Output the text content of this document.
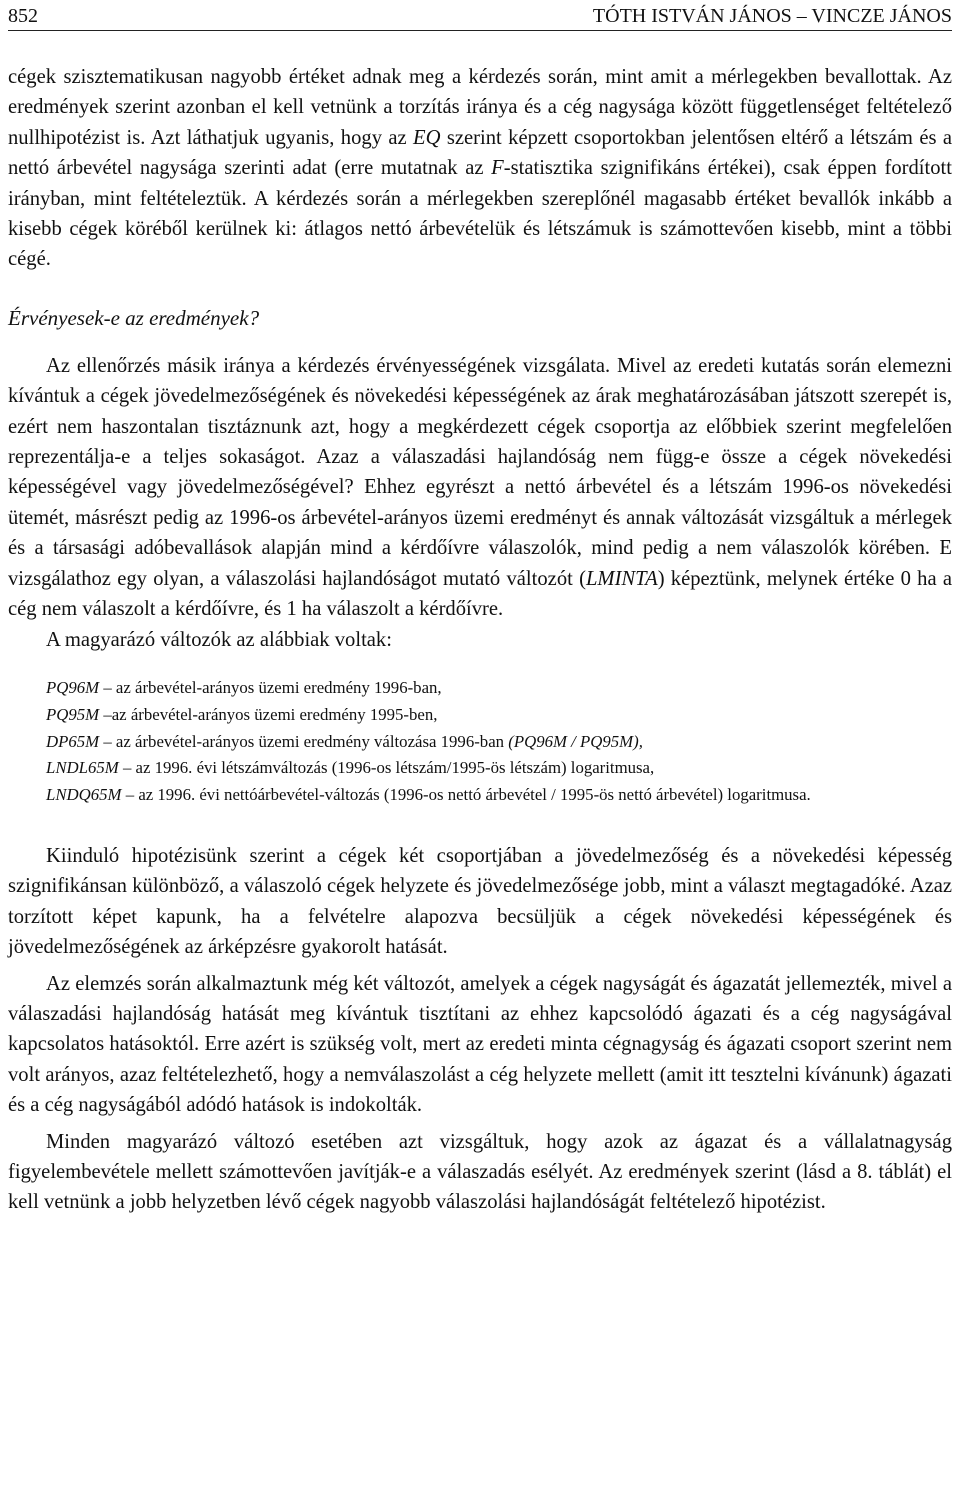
852	TÓTH ISTVÁN JÁNOS – VINCZE JÁNOS

cégek szisztematikusan nagyobb értéket adnak meg a kérdezés során, mint amit a mérlegekben bevallottak. Az eredmények szerint azonban el kell vetnünk a torzítás iránya és a cég nagysága között függetlenséget feltételező nullhipotézist is. Azt láthatjuk ugyanis, hogy az EQ szerint képzett csoportokban jelentősen eltérő a létszám és a nettó árbevétel nagysága szerinti adat (erre mutatnak az F-statisztika szignifikáns értékei), csak éppen fordított irányban, mint feltételeztük. A kérdezés során a mérlegekben szereplőnél magasabb értéket bevallók inkább a kisebb cégek köréből kerülnek ki: átlagos nettó árbevételük és létszámuk is számottevően kisebb, mint a többi cégé.

Érvényesek-e az eredmények?

Az ellenőrzés másik iránya a kérdezés érvényességének vizsgálata. Mivel az eredeti kutatás során elemezni kívántuk a cégek jövedelmezőségének és növekedési képességének az árak meghatározásában játszott szerepét is, ezért nem haszontalan tisztáznunk azt, hogy a megkérdezett cégek csoportja az előbbiek szerint megfelelően reprezentálja-e a teljes sokaságot. Azaz a válaszadási hajlandóság nem függ-e össze a cégek növekedési képességével vagy jövedelmezőségével? Ehhez egyrészt a nettó árbevétel és a létszám 1996-os növekedési ütemét, másrészt pedig az 1996-os árbevétel-arányos üzemi eredményt és annak változását vizsgáltuk a mérlegek és a társasági adóbevallások alapján mind a kérdőívre válaszolók, mind pedig a nem válaszolók körében. E vizsgálathoz egy olyan, a válaszolási hajlandóságot mutató változót (LMINTA) képeztünk, melynek értéke 0 ha a cég nem válaszolt a kérdőívre, és 1 ha válaszolt a kérdőívre.

A magyarázó változók az alábbiak voltak:

PQ96M – az árbevétel-arányos üzemi eredmény 1996-ban,

PQ95M –az árbevétel-arányos üzemi eredmény 1995-ben,

DP65M – az árbevétel-arányos üzemi eredmény változása 1996-ban (PQ96M / PQ95M),

LNDL65M – az 1996. évi létszámváltozás (1996-os létszám/1995-ös létszám) logaritmusa,

LNDQ65M – az 1996. évi nettóárbevétel-változás (1996-os nettó árbevétel / 1995-ös nettó árbevétel) logaritmusa.

Kiinduló hipotézisünk szerint a cégek két csoportjában a jövedelmezőség és a növekedési képesség szignifikánsan különböző, a válaszoló cégek helyzete és jövedelmezősége jobb, mint a választ megtagadóké. Azaz torzított képet kapunk, ha a felvételre alapozva becsüljük a cégek növekedési képességének és jövedelmezőségének az árképzésre gyakorolt hatását.

Az elemzés során alkalmaztunk még két változót, amelyek a cégek nagyságát és ágazatát jellemezték, mivel a válaszadási hajlandóság hatását meg kívántuk tisztítani az ehhez kapcsolódó ágazati és a cég nagyságával kapcsolatos hatásoktól. Erre azért is szükség volt, mert az eredeti minta cégnagyság és ágazati csoport szerint nem volt arányos, azaz feltételezhető, hogy a nemválaszolást a cég helyzete mellett (amit itt tesztelni kívánunk) ágazati és a cég nagyságából adódó hatások is indokolták.

Minden magyarázó változó esetében azt vizsgáltuk, hogy azok az ágazat és a vállalatnagyság figyelembevétele mellett számottevően javítják-e a válaszadás esélyét. Az eredmények szerint (lásd a 8. táblát) el kell vetnünk a jobb helyzetben lévő cégek nagyobb válaszolási hajlandóságát feltételező hipotézist.
